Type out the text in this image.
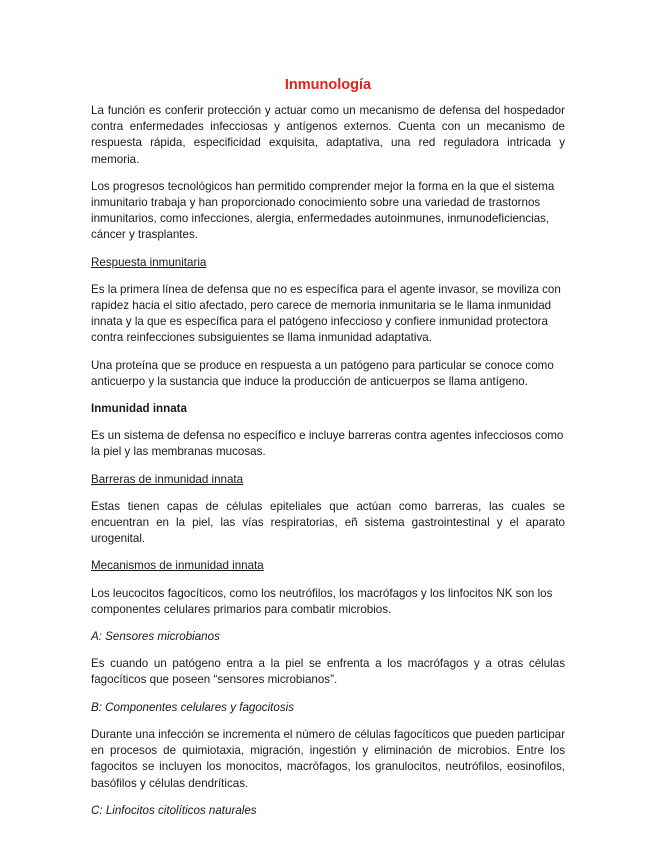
Inmunología

La función es conferir protección y actuar como un mecanismo de defensa del hospedador contra enfermedades infecciosas y antígenos externos. Cuenta con un mecanismo de respuesta rápida, especificidad exquisita, adaptativa, una red reguladora intricada y memoria.

Los progresos tecnológicos han permitido comprender mejor la forma en la que el sistema inmunitario trabaja y han proporcionado conocimiento sobre una variedad de trastornos inmunitarios, como infecciones, alergia, enfermedades autoinmunes, inmunodeficiencias, cáncer y trasplantes.

Respuesta inmunitaria

Es la primera línea de defensa que no es específica para el agente invasor, se moviliza con rapidez hacia el sitio afectado, pero carece de memoria inmunitaria se le llama inmunidad innata y la que es específica para el patógeno infeccioso y confiere inmunidad protectora contra reinfecciones subsiguientes se llama inmunidad adaptativa.

Una proteína que se produce en respuesta a un patógeno para particular se conoce como anticuerpo y la sustancia que induce la producción de anticuerpos se llama antígeno.

Inmunidad innata

Es un sistema de defensa no específico e incluye barreras contra agentes infecciosos como la piel y las membranas mucosas.

Barreras de inmunidad innata

Estas tienen capas de células epiteliales que actúan como barreras, las cuales se encuentran en la piel, las vías respiratorias, eñ sistema gastrointestinal y el aparato urogenital.

Mecanismos de inmunidad innata

Los leucocitos fagocíticos, como los neutrófilos, los macrófagos y los linfocitos NK son los componentes celulares primarios para combatir microbios.

A: Sensores microbianos

Es cuando un patógeno entra a la piel se enfrenta a los macrófagos y a otras células fagocíticos que poseen “sensores microbianos”.

B: Componentes celulares y fagocitosis

Durante una infección se incrementa el número de células fagocíticos que pueden participar en procesos de quimiotaxia, migración, ingestión y eliminación de microbios. Entre los fagocitos se incluyen los monocitos, macrófagos, los granulocitos, neutrófilos, eosinofilos, basófilos y células dendríticas.

C: Linfocitos citolíticos naturales
